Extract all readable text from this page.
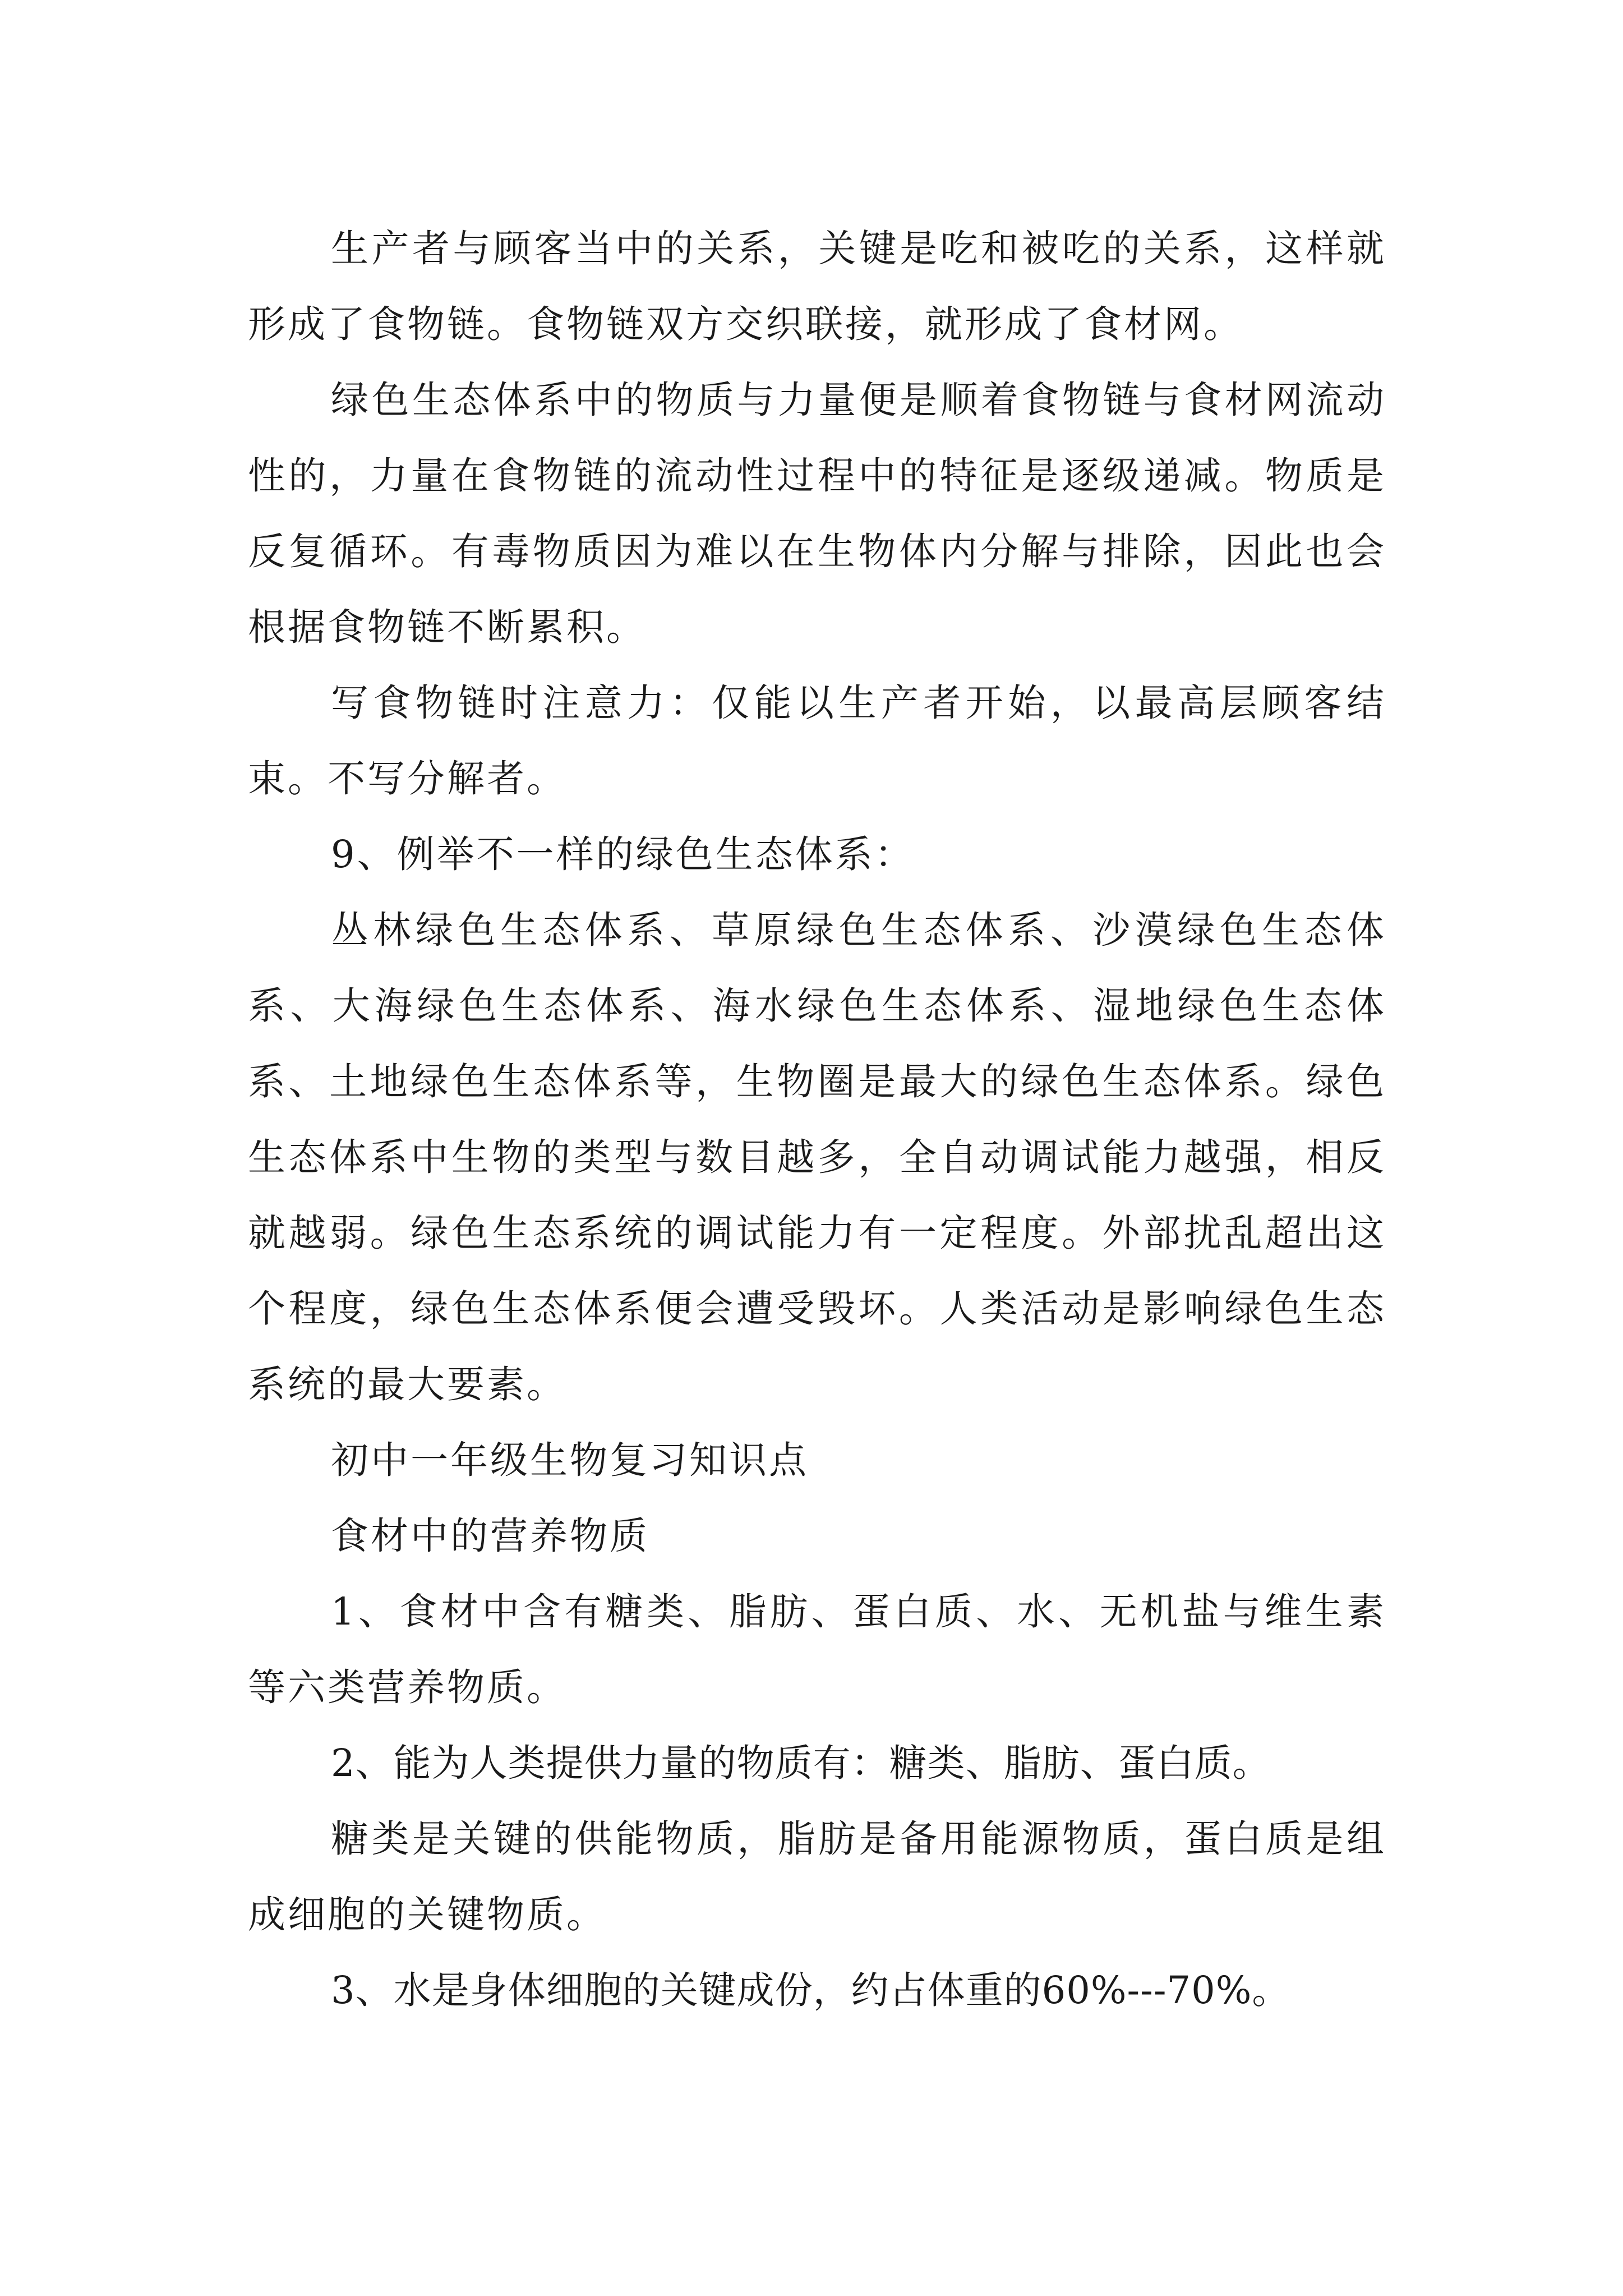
生产者与顾客当中的关系，关键是吃和被吃的关系，这样就形成了食物链。食物链双方交织联接，就形成了食材网。

绿色生态体系中的物质与力量便是顺着食物链与食材网流动性的，力量在食物链的流动性过程中的特征是逐级递减。物质是反复循环。有毒物质因为难以在生物体内分解与排除，因此也会根据食物链不断累积。

写食物链时注意力：仅能以生产者开始，以最高层顾客结束。不写分解者。

9、例举不一样的绿色生态体系：

丛林绿色生态体系、草原绿色生态体系、沙漠绿色生态体系、大海绿色生态体系、海水绿色生态体系、湿地绿色生态体系、土地绿色生态体系等，生物圈是最大的绿色生态体系。绿色生态体系中生物的类型与数目越多，全自动调试能力越强，相反就越弱。绿色生态系统的调试能力有一定程度。外部扰乱超出这个程度，绿色生态体系便会遭受毁坏。人类活动是影响绿色生态系统的最大要素。

初中一年级生物复习知识点

食材中的营养物质

1、食材中含有糖类、脂肪、蛋白质、水、无机盐与维生素等六类营养物质。

2、能为人类提供力量的物质有：糖类、脂肪、蛋白质。

糖类是关键的供能物质，脂肪是备用能源物质，蛋白质是组成细胞的关键物质。

3、水是身体细胞的关键成份，约占体重的60%---70%。
